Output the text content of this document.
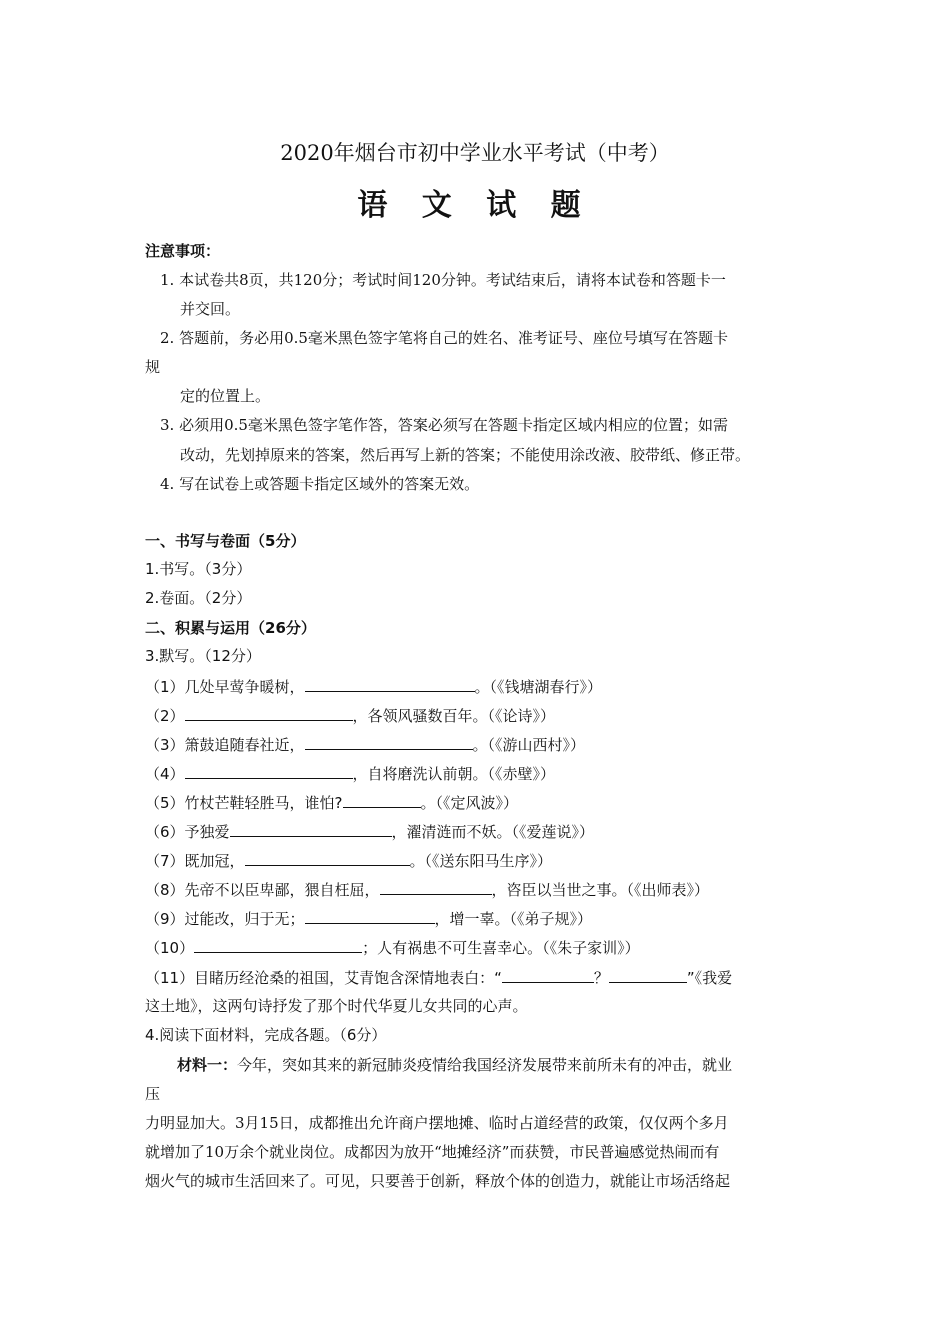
2020年烟台市初中学业水平考试（中考）
语 文 试 题
注意事项：
1. 本试卷共8页，共120分；考试时间120分钟。考试结束后，请将本试卷和答题卡一
并交回。
2. 答题前，务必用0.5毫米黑色签字笔将自己的姓名、准考证号、座位号填写在答题卡
规
定的位置上。
3. 必须用0.5毫米黑色签字笔作答，答案必须写在答题卡指定区域内相应的位置；如需
改动，先划掉原来的答案，然后再写上新的答案；不能使用涂改液、胶带纸、修正带。
4. 写在试卷上或答题卡指定区域外的答案无效。
一、书写与卷面（5分）
1.书写。（3分）
2.卷面。（2分）
二、积累与运用（26分）
3.默写。（12分）
（1）几处早莺争暖树，	。（《钱塘湖春行》）
（2）	，各领风骚数百年。（《论诗》）
（3）箫鼓追随春社近，	。（《游山西村》）
（4）	，自将磨洗认前朝。（《赤壁》）
（5）竹杖芒鞋轻胜马，谁怕?	。（《定风波》）
（6）予独爱	，濯清涟而不妖。（《爱莲说》）
（7）既加冠，	。（《送东阳马生序》）
（8）先帝不以臣卑鄙，猥自枉屈，	，咨臣以当世之事。（《出师表》）
（9）过能改，归于无；	，增一辜。（《弟子规》）
（10）	；人有祸患不可生喜幸心。（《朱子家训》）
（11）目睹历经沧桑的祖国，艾青饱含深情地表白：“	？	”《我爱
这土地》，这两句诗抒发了那个时代华夏儿女共同的心声。
4.阅读下面材料，完成各题。（6分）
材料一：今年，突如其来的新冠肺炎疫情给我国经济发展带来前所未有的冲击，就业
压
力明显加大。3月15日，成都推出允许商户摆地摊、临时占道经营的政策，仅仅两个多月
就增加了10万余个就业岗位。成都因为放开“地摊经济”而获赞，市民普遍感觉热闹而有
烟火气的城市生活回来了。可见，只要善于创新，释放个体的创造力，就能让市场活络起
